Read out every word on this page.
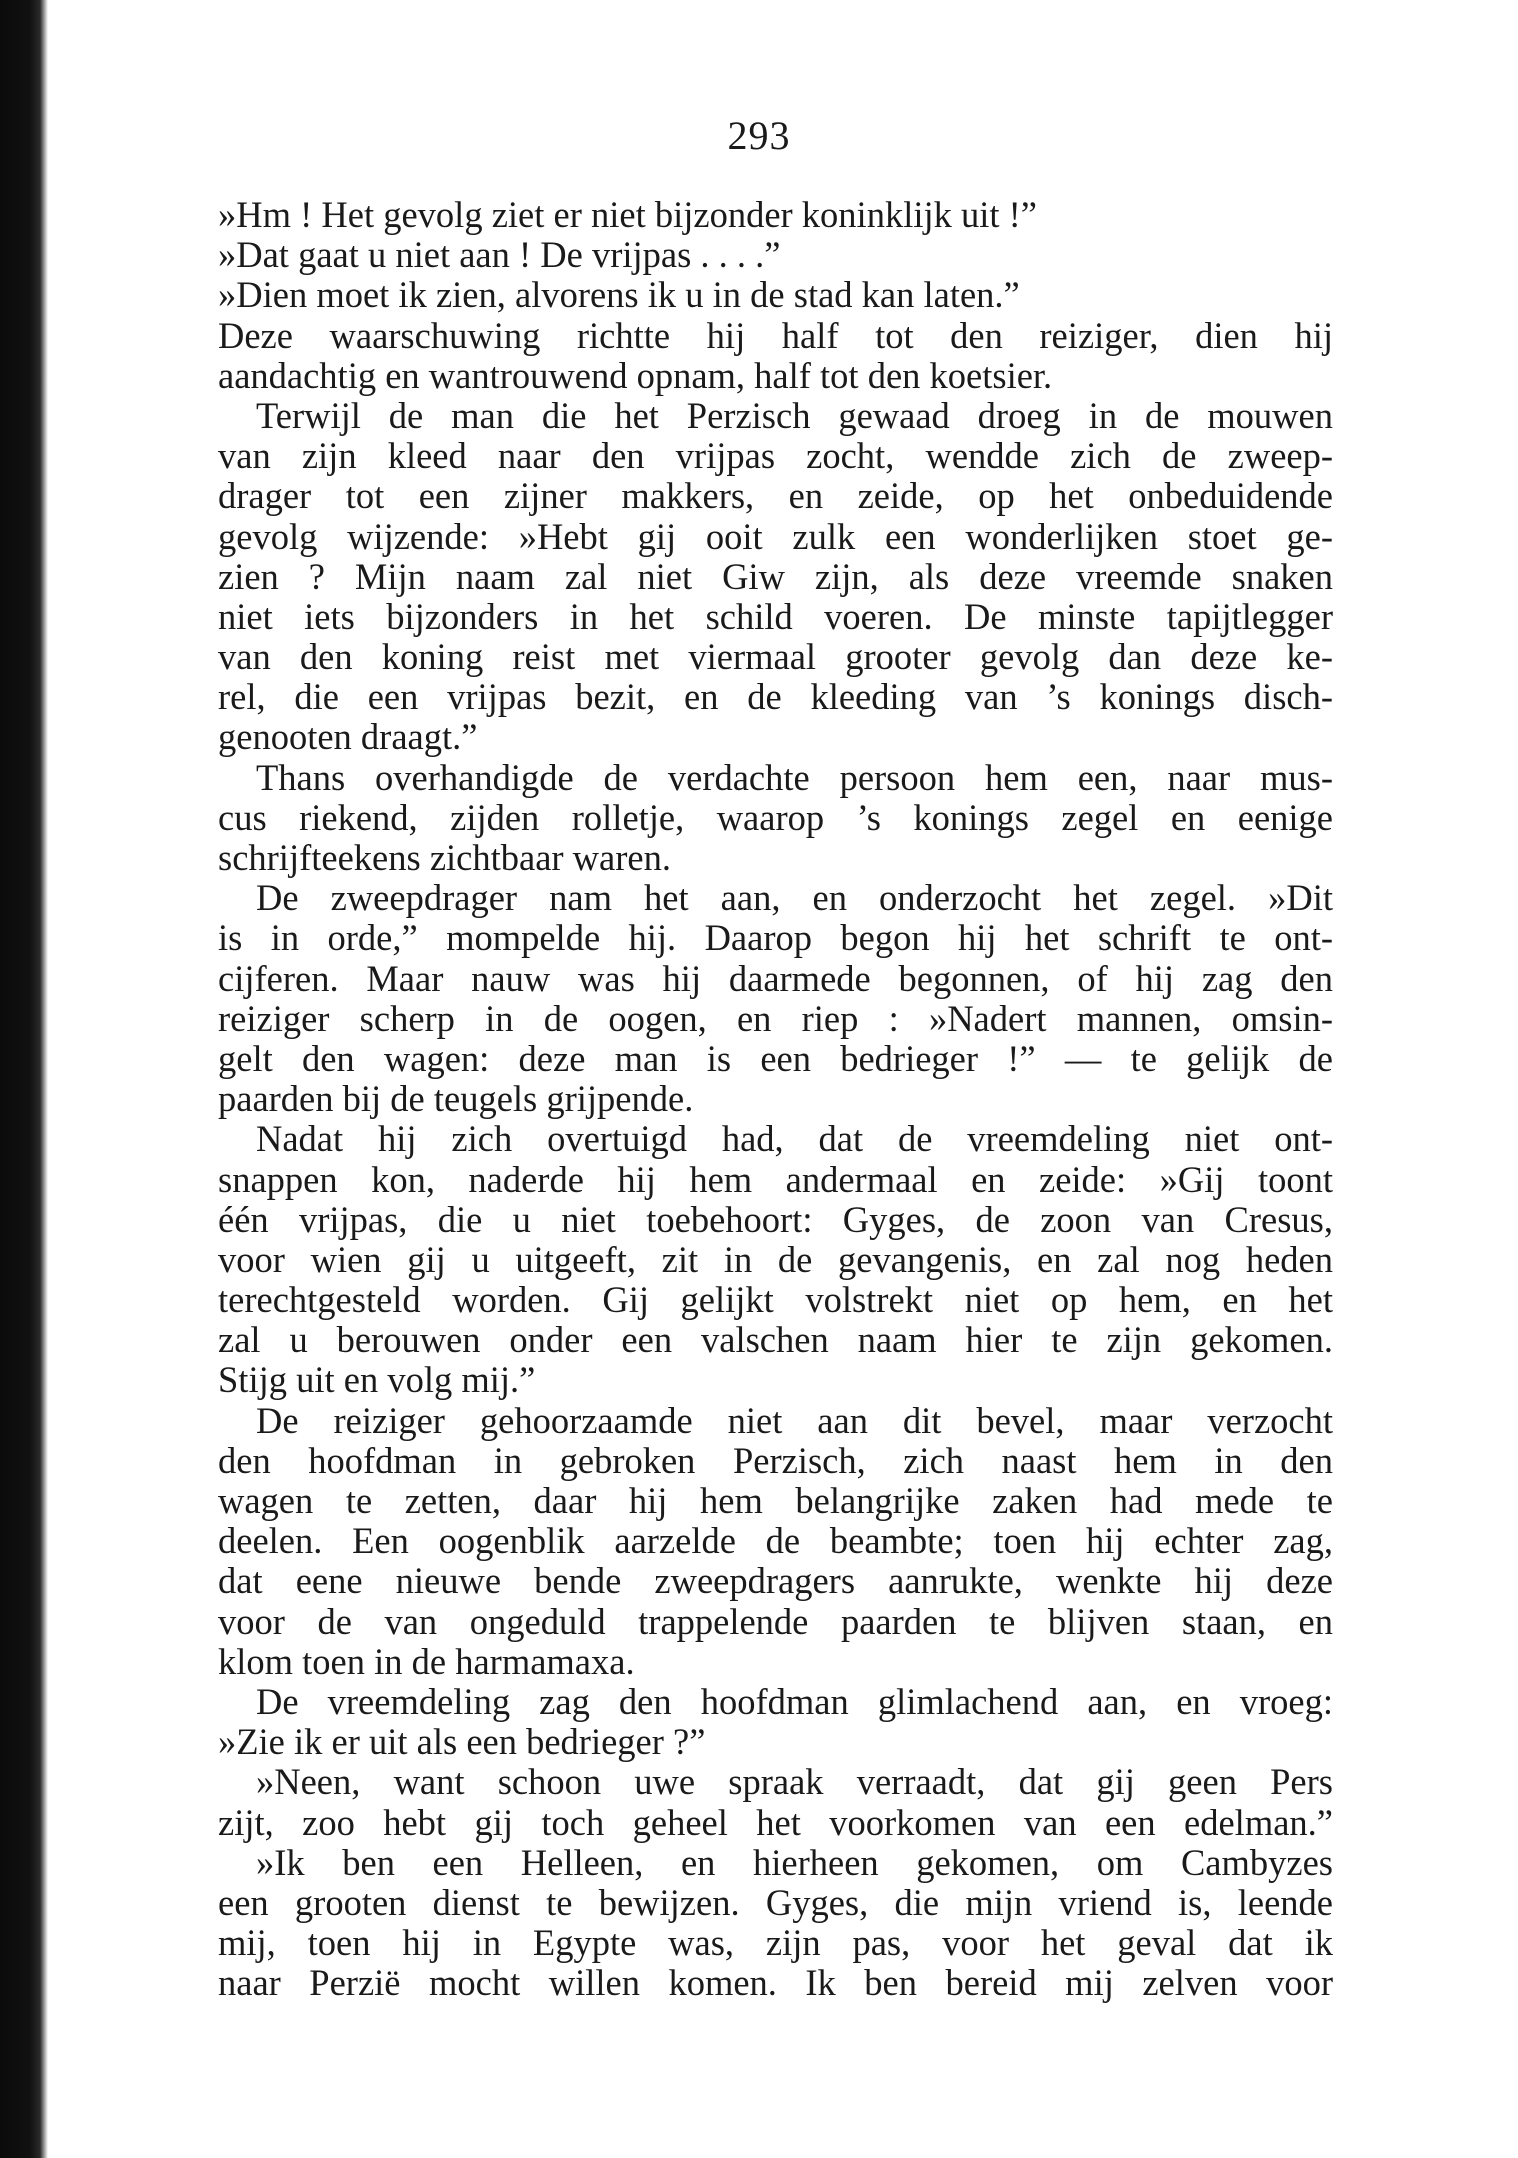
293
»Hm ! Het gevolg ziet er niet bijzonder koninklijk uit !”
»Dat gaat u niet aan ! De vrijpas . . . .”
»Dien moet ik zien, alvorens ik u in de stad kan laten.”
Deze waarschuwing richtte hij half tot den reiziger, dien hij
aandachtig en wantrouwend opnam, half tot den koetsier.
Terwijl de man die het Perzisch gewaad droeg in de mouwen
van zijn kleed naar den vrijpas zocht, wendde zich de zweep-
drager tot een zijner makkers, en zeide, op het onbeduidende
gevolg wijzende: »Hebt gij ooit zulk een wonderlijken stoet ge-
zien ? Mijn naam zal niet Giw zijn, als deze vreemde snaken
niet iets bijzonders in het schild voeren. De minste tapijtlegger
van den koning reist met viermaal grooter gevolg dan deze ke-
rel, die een vrijpas bezit, en de kleeding van ’s konings disch-
genooten draagt.”
Thans overhandigde de verdachte persoon hem een, naar mus-
cus riekend, zijden rolletje, waarop ’s konings zegel en eenige
schrijfteekens zichtbaar waren.
De zweepdrager nam het aan, en onderzocht het zegel. »Dit
is in orde,” mompelde hij. Daarop begon hij het schrift te ont-
cijferen. Maar nauw was hij daarmede begonnen, of hij zag den
reiziger scherp in de oogen, en riep : »Nadert mannen, omsin-
gelt den wagen: deze man is een bedrieger !” — te gelijk de
paarden bij de teugels grijpende.
Nadat hij zich overtuigd had, dat de vreemdeling niet ont-
snappen kon, naderde hij hem andermaal en zeide: »Gij toont
één vrijpas, die u niet toebehoort: Gyges, de zoon van Cresus,
voor wien gij u uitgeeft, zit in de gevangenis, en zal nog heden
terechtgesteld worden. Gij gelijkt volstrekt niet op hem, en het
zal u berouwen onder een valschen naam hier te zijn gekomen.
Stijg uit en volg mij.”
De reiziger gehoorzaamde niet aan dit bevel, maar verzocht
den hoofdman in gebroken Perzisch, zich naast hem in den
wagen te zetten, daar hij hem belangrijke zaken had mede te
deelen. Een oogenblik aarzelde de beambte; toen hij echter zag,
dat eene nieuwe bende zweepdragers aanrukte, wenkte hij deze
voor de van ongeduld trappelende paarden te blijven staan, en
klom toen in de harmamaxa.
De vreemdeling zag den hoofdman glimlachend aan, en vroeg:
»Zie ik er uit als een bedrieger ?”
»Neen, want schoon uwe spraak verraadt, dat gij geen Pers
zijt, zoo hebt gij toch geheel het voorkomen van een edelman.”
»Ik ben een Helleen, en hierheen gekomen, om Cambyzes
een grooten dienst te bewijzen. Gyges, die mijn vriend is, leende
mij, toen hij in Egypte was, zijn pas, voor het geval dat ik
naar Perzië mocht willen komen. Ik ben bereid mij zelven voor
